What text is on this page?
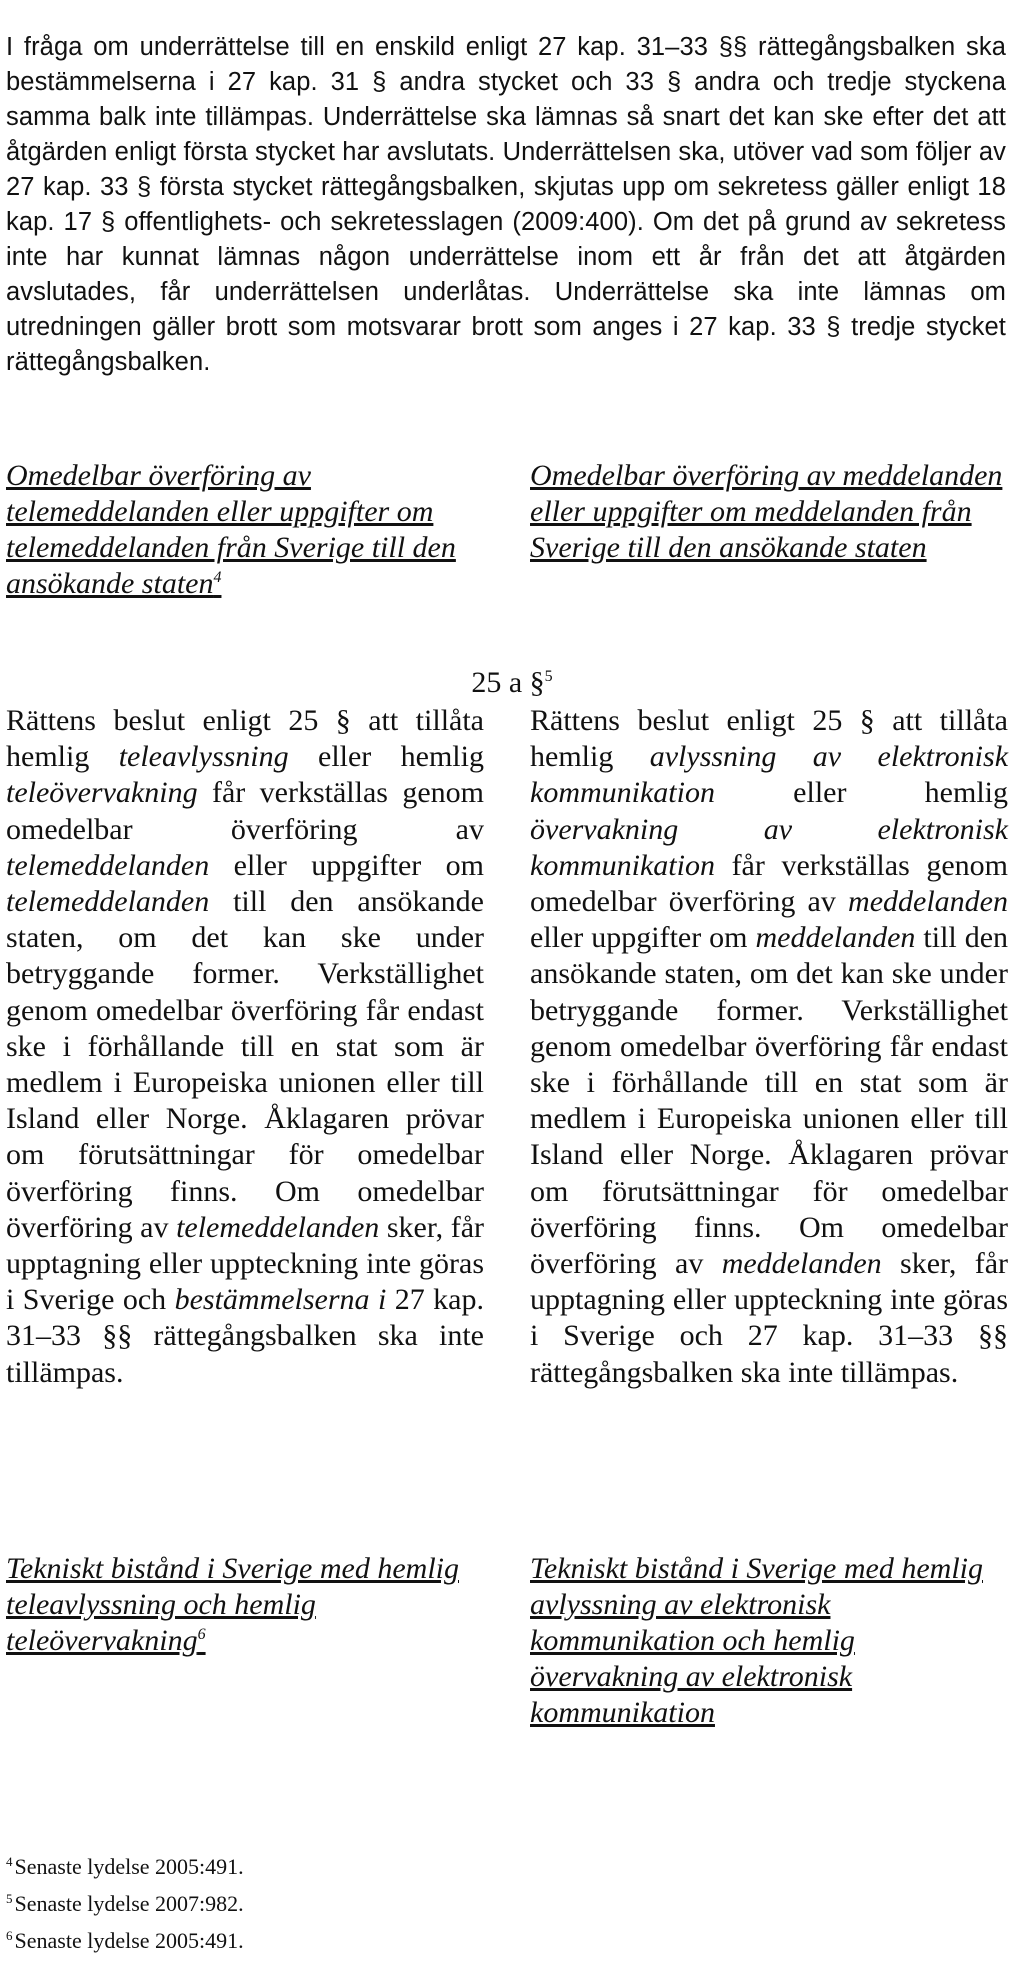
I fråga om underrättelse till en enskild enligt 27 kap. 31–33 §§ rättegångsbalken ska bestämmelserna i 27 kap. 31 § andra stycket och 33 § andra och tredje styckena samma balk inte tillämpas. Underrättelse ska lämnas så snart det kan ske efter det att åtgärden enligt första stycket har avslutats. Underrättelsen ska, utöver vad som följer av 27 kap. 33 § första stycket rättegångsbalken, skjutas upp om sekretess gäller enligt 18 kap. 17 § offentlighets- och sekretesslagen (2009:400). Om det på grund av sekretess inte har kunnat lämnas någon underrättelse inom ett år från det att åtgärden avslutades, får underrättelsen underlåtas. Underrättelse ska inte lämnas om utredningen gäller brott som motsvarar brott som anges i 27 kap. 33 § tredje stycket rättegångsbalken.

Omedelbar överföring av telemeddelanden eller uppgifter om telemeddelanden från Sverige till den ansökande staten$^4$

Omedelbar överföring av meddelanden eller uppgifter om meddelanden från Sverige till den ansökande staten

25 a §$^5$

Rättens beslut enligt 25 § att tillåta hemlig teleavlyssning eller hemlig teleövervakning får verkställas genom omedelbar överföring av telemeddelanden eller uppgifter om telemeddelanden till den ansökande staten, om det kan ske under betryggande former. Verkställighet genom omedelbar överföring får endast ske i förhållande till en stat som är medlem i Europeiska unionen eller till Island eller Norge. Åklagaren prövar om förutsättningar för omedelbar överföring finns. Om omedelbar överföring av telemeddelanden sker, får upptagning eller uppteckning inte göras i Sverige och bestämmelserna i 27 kap. 31–33 §§ rättegångsbalken ska inte tillämpas.

Rättens beslut enligt 25 § att tillåta hemlig avlyssning av elektronisk kommunikation eller hemlig övervakning av elektronisk kommunikation får verkställas genom omedelbar överföring av meddelanden eller uppgifter om meddelanden till den ansökande staten, om det kan ske under betryggande former. Verkställighet genom omedelbar överföring får endast ske i förhållande till en stat som är medlem i Europeiska unionen eller till Island eller Norge. Åklagaren prövar om förutsättningar för omedelbar överföring finns. Om omedelbar överföring av meddelanden sker, får upptagning eller uppteckning inte göras i Sverige och 27 kap. 31–33 §§ rättegångsbalken ska inte tillämpas.

Tekniskt bistånd i Sverige med hemlig teleavlyssning och hemlig teleövervakning$^6$

Tekniskt bistånd i Sverige med hemlig avlyssning av elektronisk kommunikation och hemlig övervakning av elektronisk kommunikation

$^4$Senaste lydelse 2005:491.
$^5$Senaste lydelse 2007:982.
$^6$Senaste lydelse 2005:491.
